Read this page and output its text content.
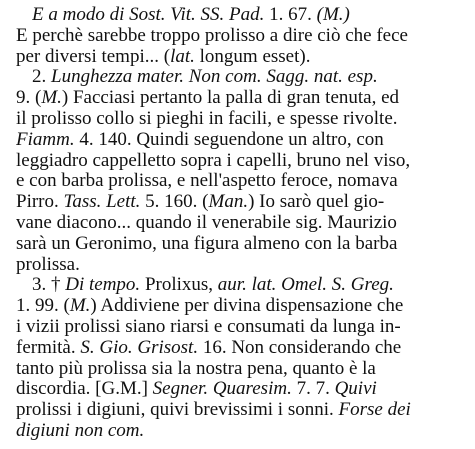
E a modo di Sost. Vit. SS. Pad. 1. 67. (M.)
E perchè sarebbe troppo prolisso a dire ciò che fece
per diversi tempi... (lat. longum esset).
2. Lunghezza mater. Non com. Sagg. nat. esp.
9. (M.) Facciasi pertanto la palla di gran tenuta, ed
il prolisso collo si pieghi in facili, e spesse rivolte.
Fiamm. 4. 140. Quindi seguendone un altro, con
leggiadro cappelletto sopra i capelli, bruno nel viso,
e con barba prolissa, e nell'aspetto feroce, nomava
Pirro. Tass. Lett. 5. 160. (Man.) Io sarò quel gio-
vane diacono... quando il venerabile sig. Maurizio
sarà un Geronimo, una figura almeno con la barba
prolissa.
3. † Di tempo. Prolixus, aur. lat. Omel. S. Greg.
1. 99. (M.) Addiviene per divina dispensazione che
i vizii prolissi siano riarsi e consumati da lunga in-
fermità. S. Gio. Grisost. 16. Non considerando che
tanto più prolissa sia la nostra pena, quanto è la
discordia. [G.M.] Segner. Quaresim. 7. 7. Quivi
prolissi i digiuni, quivi brevissimi i sonni. Forse dei
digiuni non com.
